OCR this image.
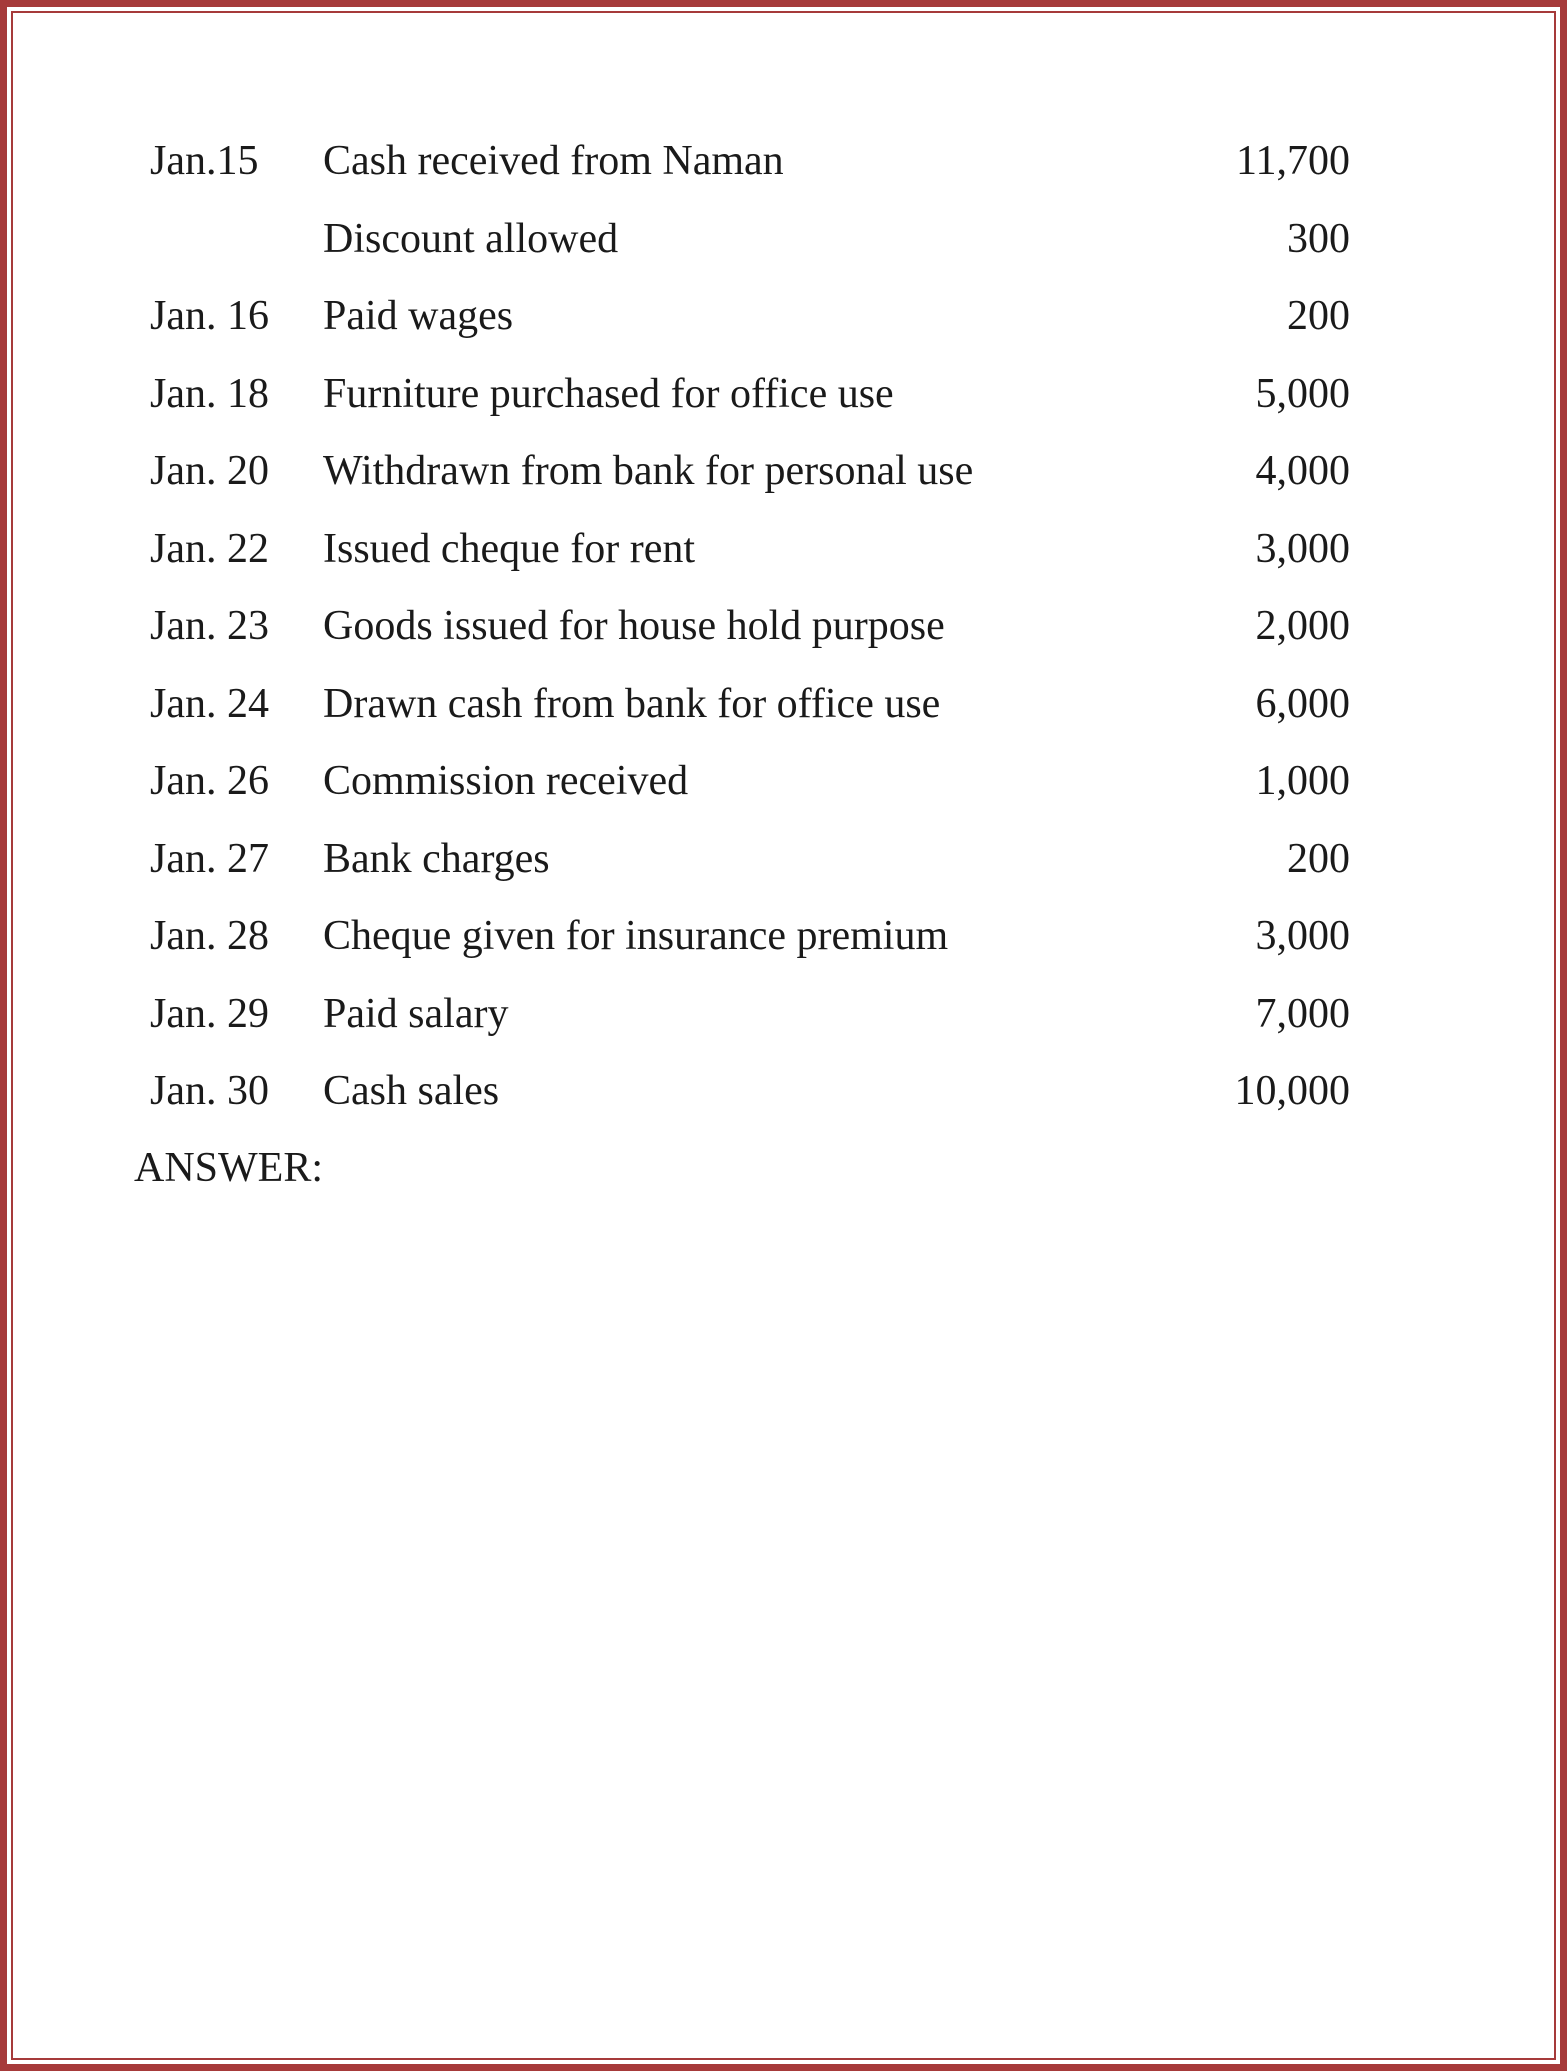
Jan.15 Cash received from Naman	11,700
Discount allowed	300
Jan. 16 Paid wages	200
Jan. 18 Furniture purchased for office use	5,000
Jan. 20 Withdrawn from bank for personal use	4,000
Jan. 22 Issued cheque for rent	3,000
Jan. 23 Goods issued for house hold purpose	2,000
Jan. 24 Drawn cash from bank for office use	6,000
Jan. 26 Commission received	1,000
Jan. 27 Bank charges	200
Jan. 28 Cheque given for insurance premium	3,000
Jan. 29 Paid salary	7,000
Jan. 30 Cash sales	10,000
ANSWER:
